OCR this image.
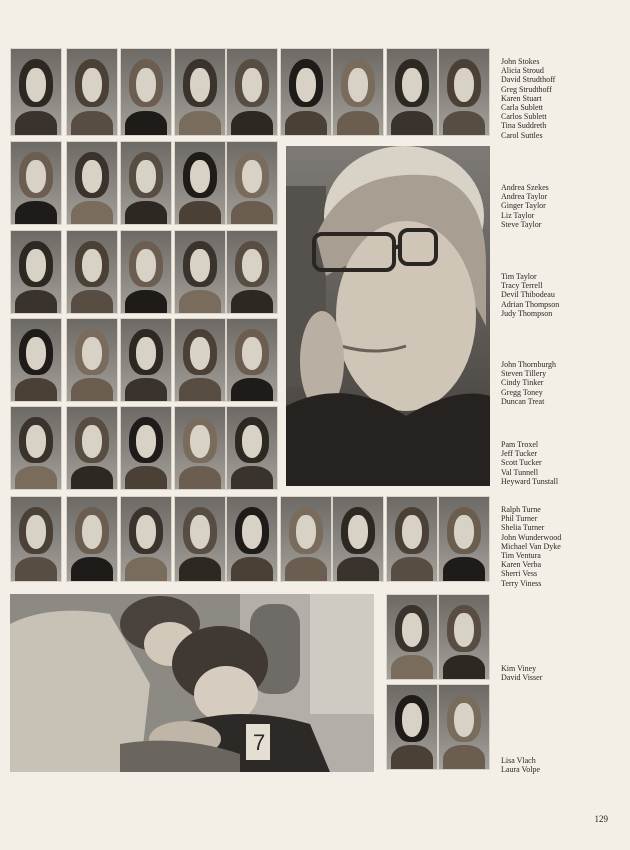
7
John Stokes
Alicia Stroud
David Strudthoff
Greg Strudthoff
Karen Stuart
Carla Sublett
Carlos Sublett
Tina Suddreth
Carol Suttles
Andrea Szekes
Andrea Taylor
Ginger Taylor
Liz Taylor
Steve Taylor
Tim Taylor
Tracy Terrell
Devil Thibodeau
Adrian Thompson
Judy Thompson
John Thornburgh
Steven Tillery
Cindy Tinker
Gregg Toney
Duncan Treat
Pam Troxel
Jeff Tucker
Scott Tucker
Val Tunnell
Heyward Tunstall
Ralph Turne
Phil Turner
Shelia Turner
John Wunderwood
Michael Van Dyke
Tim Ventura
Karen Verba
Sherri Vess
Terry Viness
Kim Viney
David Visser
Lisa Vlach
Laura Volpe
129
